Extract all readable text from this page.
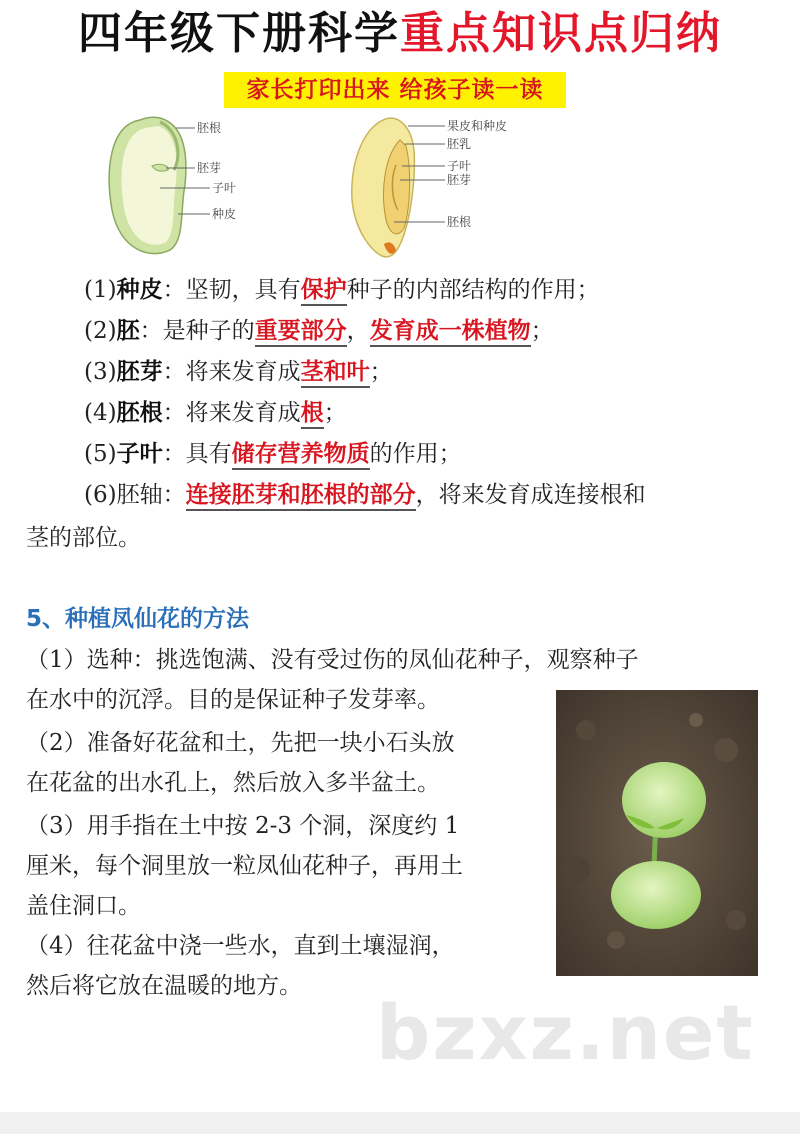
四年级下册科学重点知识点归纳
家长打印出来 给孩子读一读
胚根
胚芽
子叶
种皮
果皮和种皮
胚乳
子叶
胚芽
胚根
(1)种皮：坚韧，具有保护种子的内部结构的作用；
(2)胚：是种子的重要部分，发育成一株植物；
(3)胚芽：将来发育成茎和叶；
(4)胚根：将来发育成根；
(5)子叶：具有储存营养物质的作用；
(6)胚轴：连接胚芽和胚根的部分，将来发育成连接根和
茎的部位。
5、种植凤仙花的方法
（1）选种：挑选饱满、没有受过伤的凤仙花种子，观察种子
在水中的沉浮。目的是保证种子发芽率。
（2）准备好花盆和土，先把一块小石头放
在花盆的出水孔上，然后放入多半盆土。
（3）用手指在土中按 2-3 个洞，深度约 1
厘米，每个洞里放一粒凤仙花种子，再用土
盖住洞口。
（4）往花盆中浇一些水，直到土壤湿润，
然后将它放在温暖的地方。
bzxz.net
